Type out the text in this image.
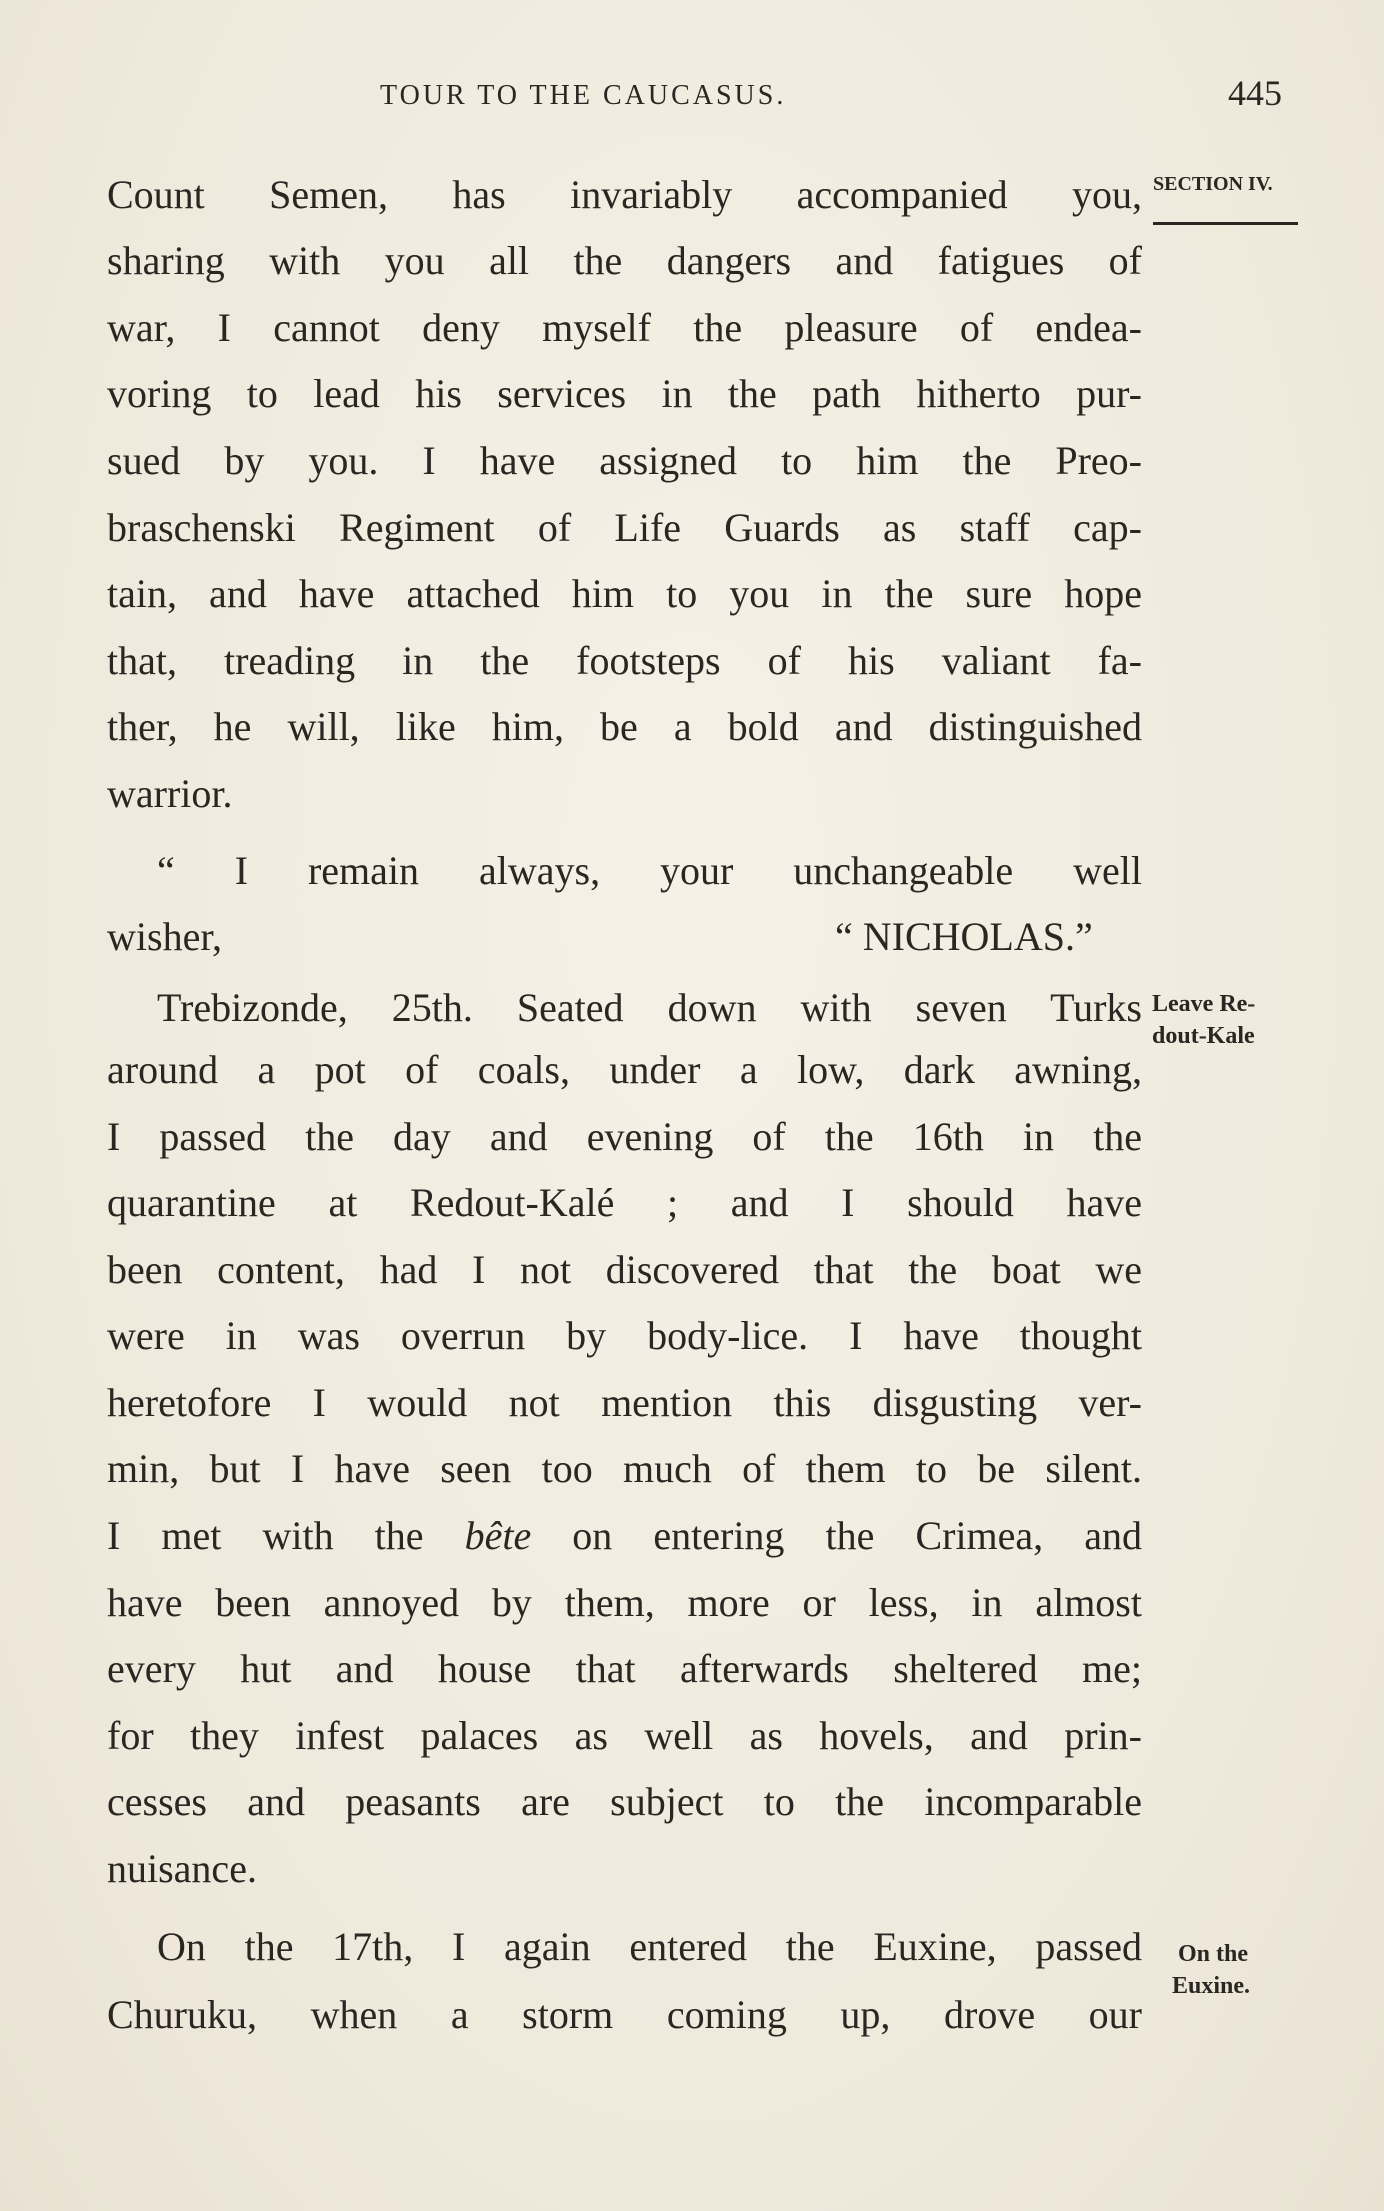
TOUR TO THE CAUCASUS.	445
SECTION IV.
Leave Re-
dout-Kale
On the
Euxine.
Count Semen, has invariably accompanied you,
sharing with you all the dangers and fatigues of
war, I cannot deny myself the pleasure of endea-
voring to lead his services in the path hitherto pur-
sued by you. I have assigned to him the Preo-
braschenski Regiment of Life Guards as staff cap-
tain, and have attached him to you in the sure hope
that, treading in the footsteps of his valiant fa-
ther, he will, like him, be a bold and distinguished
warrior.
“ I remain always, your unchangeable well
wisher,	“ NICHOLAS.”
Trebizonde, 25th. Seated down with seven Turks
around a pot of coals, under a low, dark awning,
I passed the day and evening of the 16th in the
quarantine at Redout-Kalé ; and I should have
been content, had I not discovered that the boat we
were in was overrun by body-lice. I have thought
heretofore I would not mention this disgusting ver-
min, but I have seen too much of them to be silent.
I met with the bête on entering the Crimea, and
have been annoyed by them, more or less, in almost
every hut and house that afterwards sheltered me;
for they infest palaces as well as hovels, and prin-
cesses and peasants are subject to the incomparable
nuisance.
On the 17th, I again entered the Euxine, passed
Churuku, when a storm coming up, drove our
